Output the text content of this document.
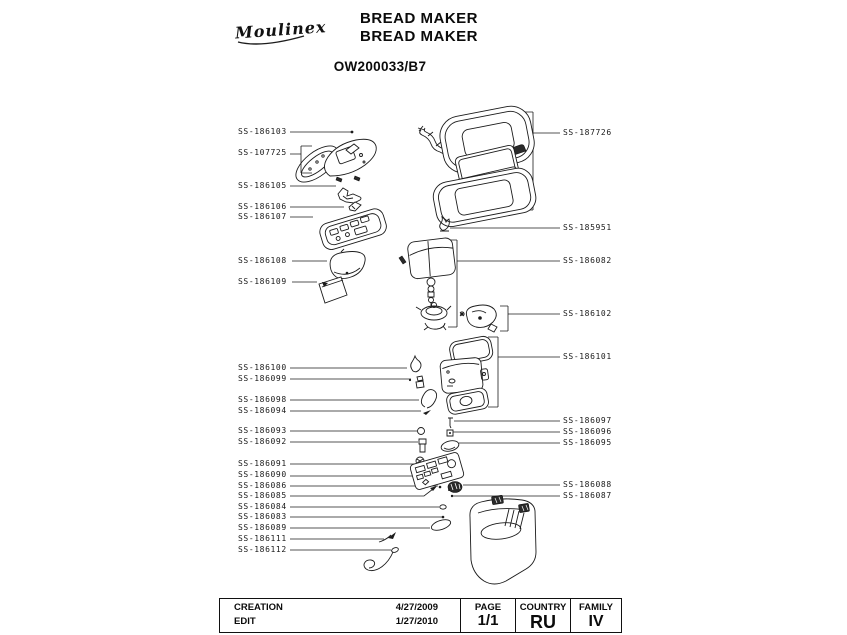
Moulinex	BREAD MAKER
BREAD MAKER
OW200033/B7
SS-186103
SS-107725
SS-186105
SS-186106
SS-186107
SS-186108
SS-186109
SS-186100
SS-186099
SS-186098
SS-186094
SS-186093
SS-186092
SS-186091
SS-186090
SS-186086
SS-186085
SS-186084
SS-186083
SS-186089
SS-186111
SS-186112
SS-187726
SS-185951
SS-186082
SS-186102
SS-186101
SS-186097
SS-186096
SS-186095
SS-186088
SS-186087
CREATION	4/27/2009
EDIT	1/27/2010
PAGE
1/1
COUNTRY
RU
FAMILY
IV
